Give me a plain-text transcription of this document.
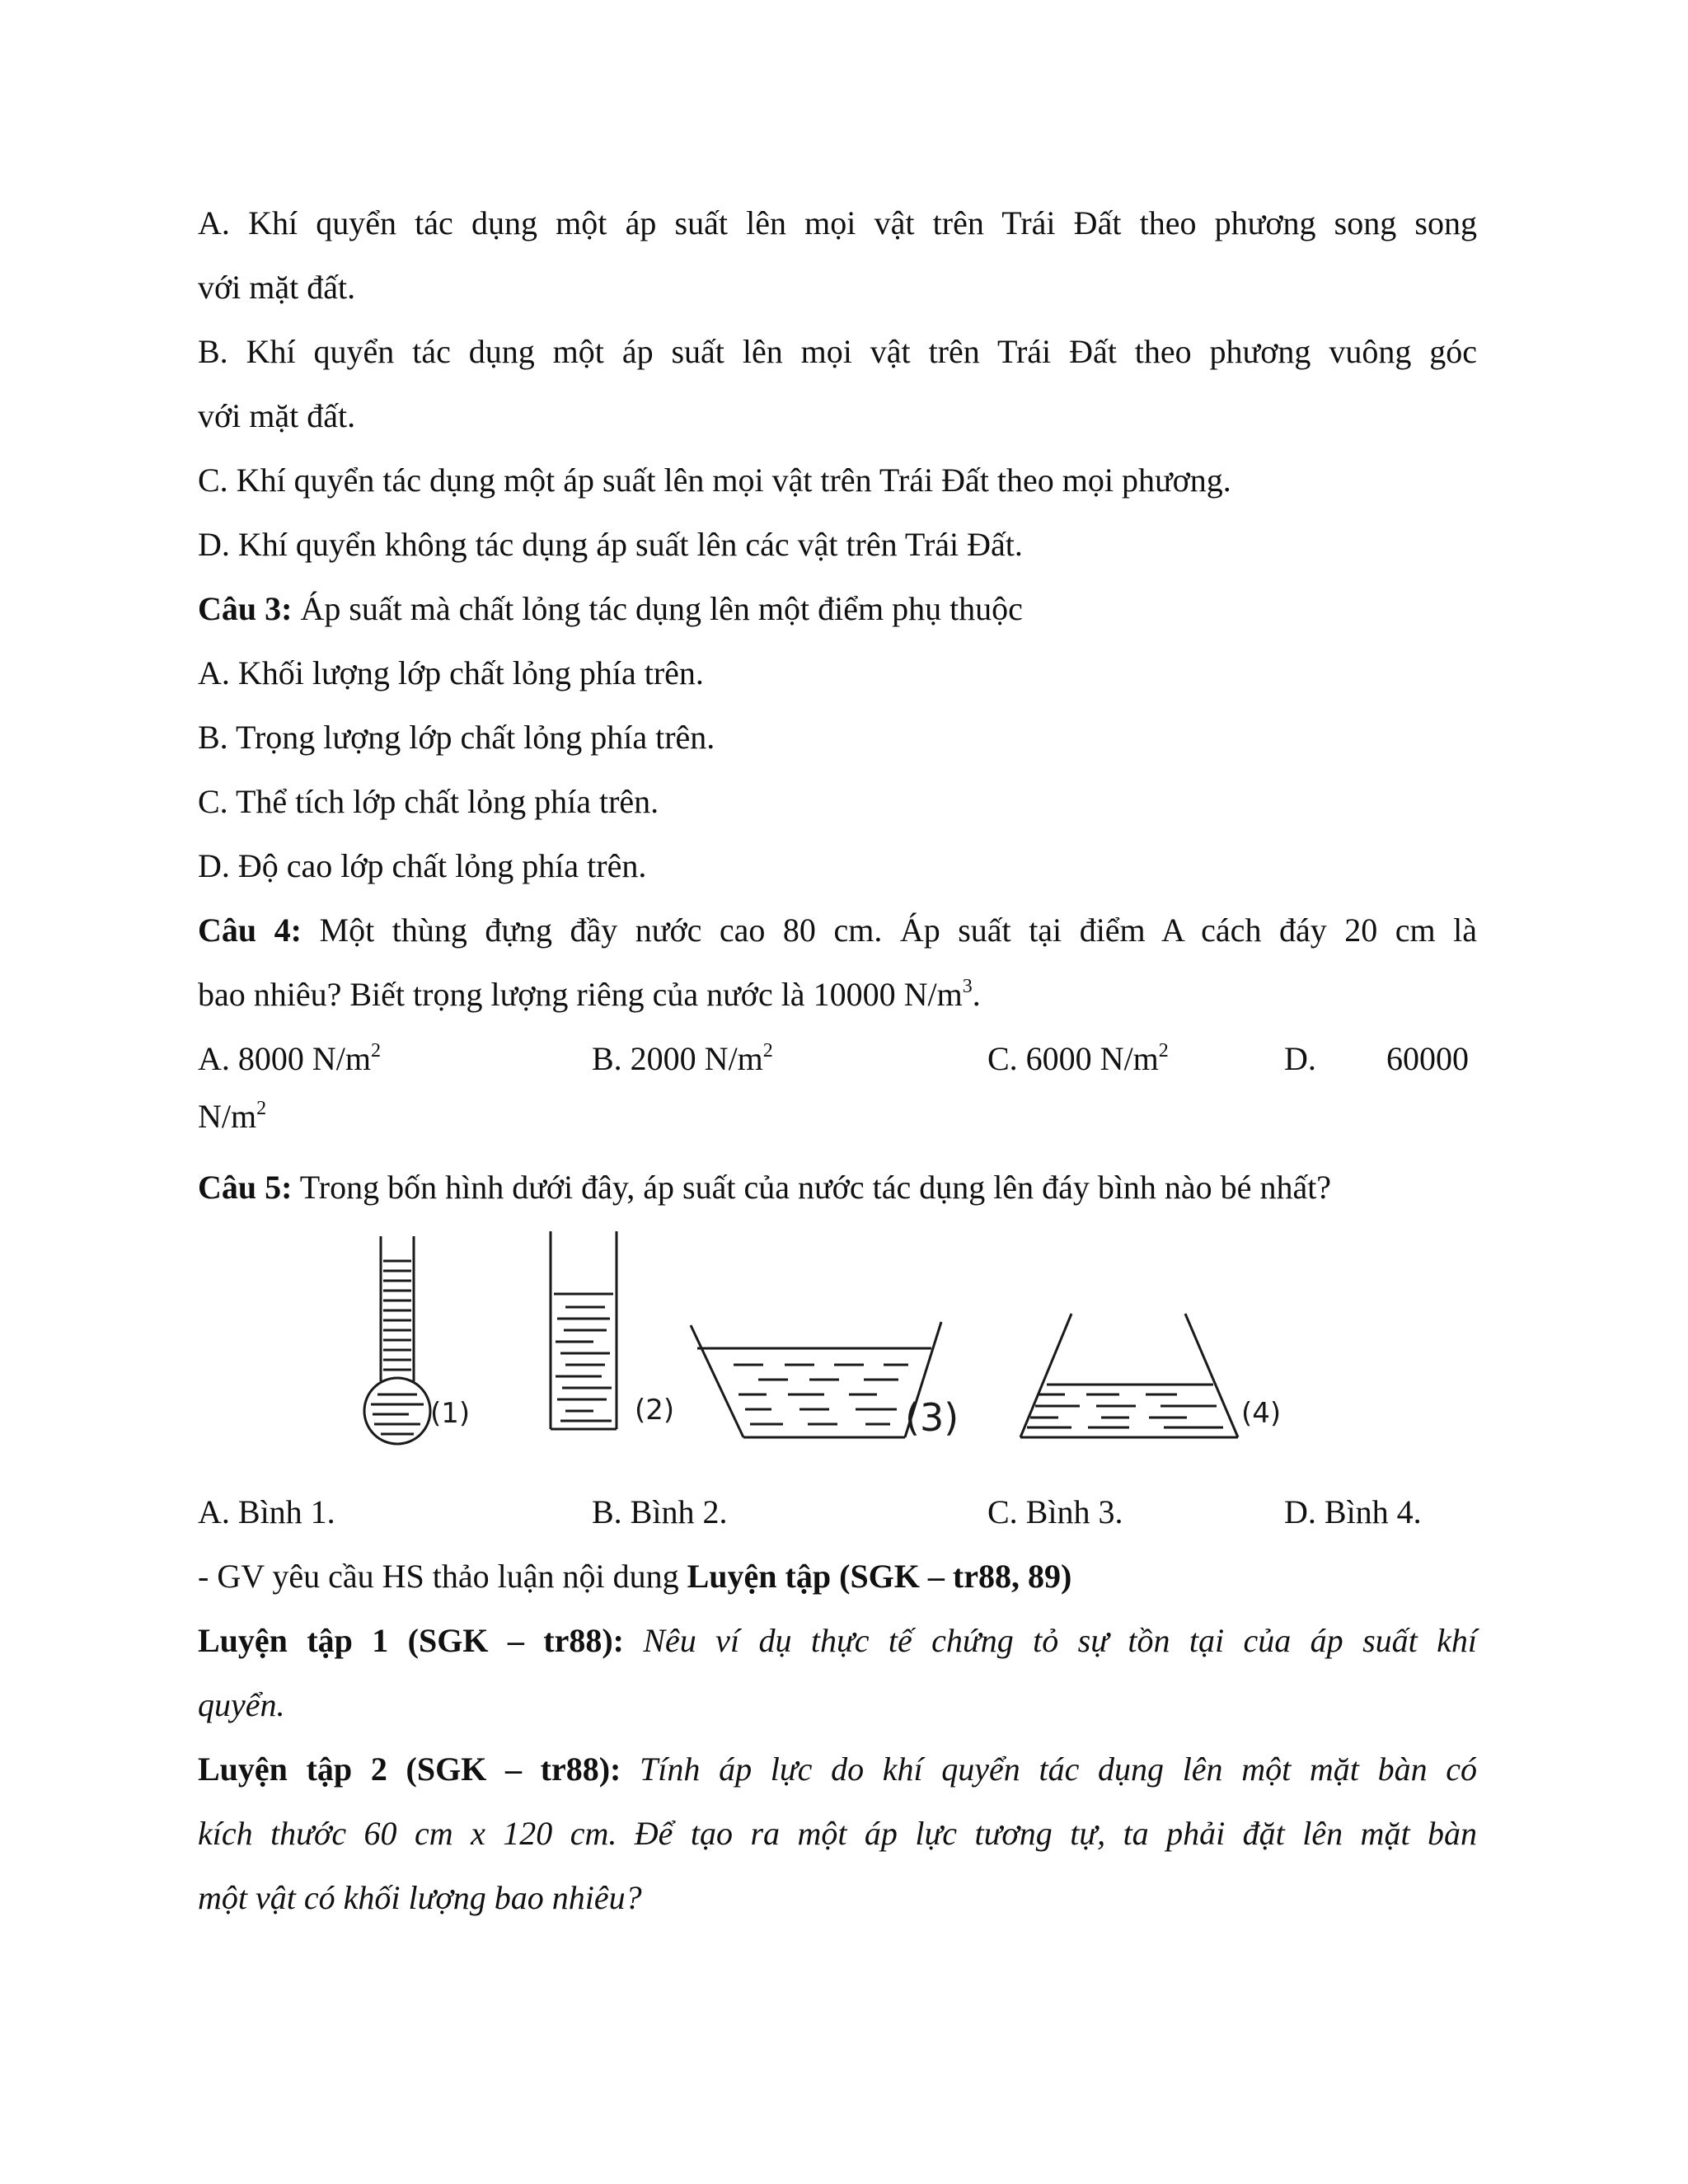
A. Khí quyển tác dụng một áp suất lên mọi vật trên Trái Đất theo phương song song
với mặt đất.
B. Khí quyển tác dụng một áp suất lên mọi vật trên Trái Đất theo phương vuông góc
với mặt đất.
C. Khí quyển tác dụng một áp suất lên mọi vật trên Trái Đất theo mọi phương.
D. Khí quyển không tác dụng áp suất lên các vật trên Trái Đất.
Câu 3: Áp suất mà chất lỏng tác dụng lên một điểm phụ thuộc
A. Khối lượng lớp chất lỏng phía trên.
B. Trọng lượng lớp chất lỏng phía trên.
C. Thể tích lớp chất lỏng phía trên.
D. Độ cao lớp chất lỏng phía trên.
Câu 4: Một thùng đựng đầy nước cao 80 cm. Áp suất tại điểm A cách đáy 20 cm là
bao nhiêu? Biết trọng lượng riêng của nước là 10000 $N/m^3$.
A. 8000 $N/m^2$	B. 2000 $N/m^2$	C. 6000 $N/m^2$	D. 60000
$N/m^2$
Câu 5: Trong bốn hình dưới đây, áp suất của nước tác dụng lên đáy bình nào bé nhất?
(1)	(2)	(3)	(4)
A. Bình 1.	B. Bình 2.	C. Bình 3.	D. Bình 4.
- GV yêu cầu HS thảo luận nội dung Luyện tập (SGK – tr88, 89)
Luyện tập 1 (SGK – tr88): Nêu ví dụ thực tế chứng tỏ sự tồn tại của áp suất khí
quyển.
Luyện tập 2 (SGK – tr88): Tính áp lực do khí quyển tác dụng lên một mặt bàn có
kích thước 60 cm x 120 cm. Để tạo ra một áp lực tương tự, ta phải đặt lên mặt bàn
một vật có khối lượng bao nhiêu?
